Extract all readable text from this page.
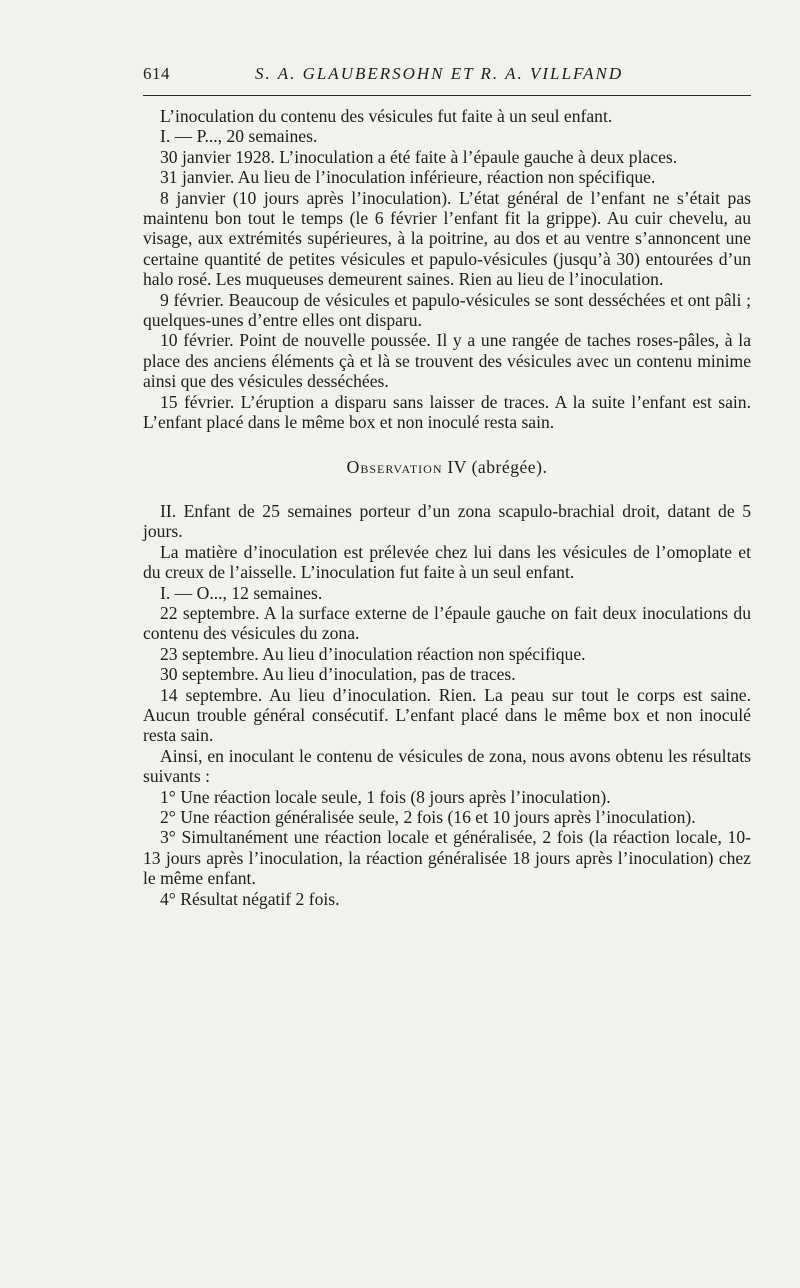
614	S. A. GLAUBERSOHN ET R. A. VILLFAND

L’inoculation du contenu des vésicules fut faite à un seul enfant.

I. — P..., 20 semaines.

30 janvier 1928. L’inoculation a été faite à l’épaule gauche à deux places.

31 janvier. Au lieu de l’inoculation inférieure, réaction non spécifique.

8 janvier (10 jours après l’inoculation). L’état général de l’enfant ne s’était pas maintenu bon tout le temps (le 6 février l’enfant fit la grippe). Au cuir chevelu, au visage, aux extrémités supérieures, à la poitrine, au dos et au ventre s’annoncent une certaine quantité de petites vésicules et papulo-vésicules (jusqu’à 30) entourées d’un halo rosé. Les muqueuses demeurent saines. Rien au lieu de l’inoculation.

9 février. Beaucoup de vésicules et papulo-vésicules se sont desséchées et ont pâli ; quelques-unes d’entre elles ont disparu.

10 février. Point de nouvelle poussée. Il y a une rangée de taches roses-pâles, à la place des anciens éléments çà et là se trouvent des vésicules avec un contenu minime ainsi que des vésicules desséchées.

15 février. L’éruption a disparu sans laisser de traces. A la suite l’enfant est sain. L’enfant placé dans le même box et non inoculé resta sain.

Observation IV (abrégée).

II. Enfant de 25 semaines porteur d’un zona scapulo-brachial droit, datant de 5 jours.

La matière d’inoculation est prélevée chez lui dans les vésicules de l’omoplate et du creux de l’aisselle. L’inoculation fut faite à un seul enfant.

I. — O..., 12 semaines.

22 septembre. A la surface externe de l’épaule gauche on fait deux inoculations du contenu des vésicules du zona.

23 septembre. Au lieu d’inoculation réaction non spécifique.

30 septembre. Au lieu d’inoculation, pas de traces.

14 septembre. Au lieu d’inoculation. Rien. La peau sur tout le corps est saine. Aucun trouble général consécutif. L’enfant placé dans le même box et non inoculé resta sain.

Ainsi, en inoculant le contenu de vésicules de zona, nous avons obtenu les résultats suivants :

1° Une réaction locale seule, 1 fois (8 jours après l’inoculation).

2° Une réaction généralisée seule, 2 fois (16 et 10 jours après l’inoculation).

3° Simultanément une réaction locale et généralisée, 2 fois (la réaction locale, 10-13 jours après l’inoculation, la réaction généralisée 18 jours après l’inoculation) chez le même enfant.

4° Résultat négatif 2 fois.
